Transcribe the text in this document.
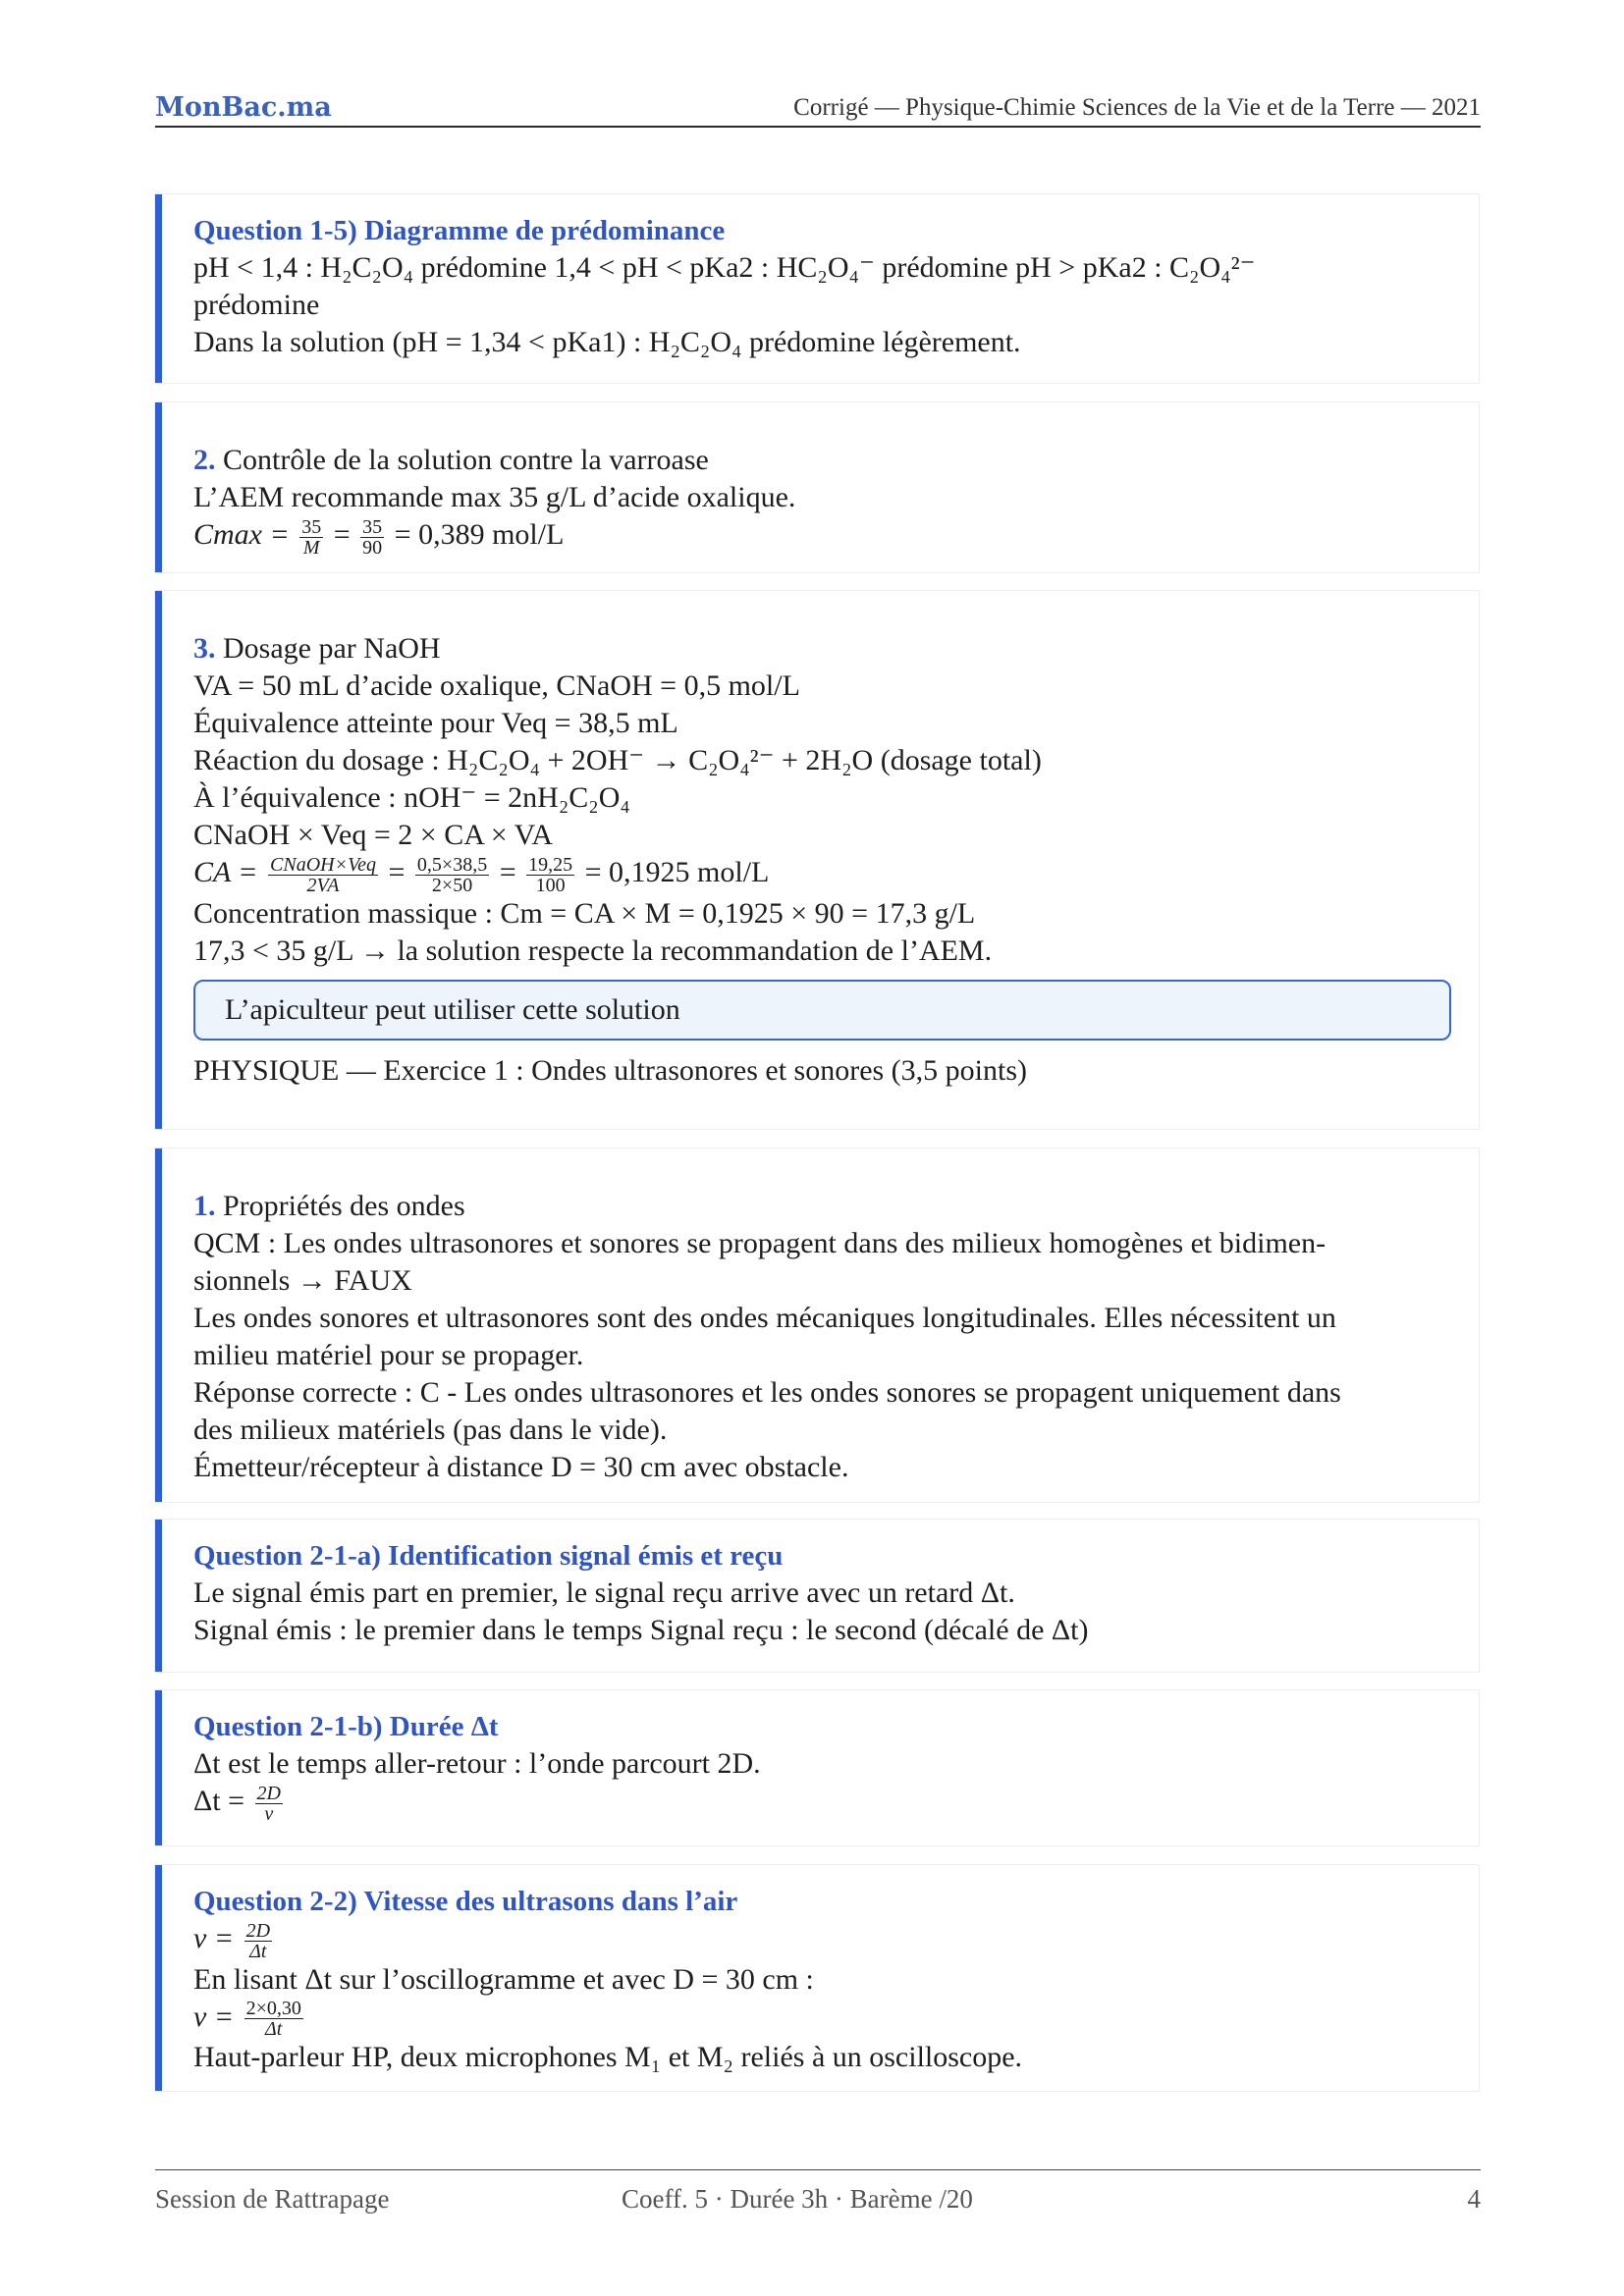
MonBac.ma	Corrigé — Physique-Chimie Sciences de la Vie et de la Terre — 2021
Question 1-5) Diagramme de prédominance
pH < 1,4 : H₂C₂O₄ prédomine 1,4 < pH < pKa2 : HC₂O₄⁻ prédomine pH > pKa2 : C₂O₄²⁻
prédomine
Dans la solution (pH = 1,34 < pKa1) : H₂C₂O₄ prédomine légèrement.
2. Contrôle de la solution contre la varroase
L’AEM recommande max 35 g/L d’acide oxalique.
$Cmax = \frac{35}{M} = \frac{35}{90} = 0,389$ mol/L
3. Dosage par NaOH
VA = 50 mL d’acide oxalique, CNaOH = 0,5 mol/L
Équivalence atteinte pour Veq = 38,5 mL
Réaction du dosage : H₂C₂O₄ + 2OH⁻ → C₂O₄²⁻ + 2H₂O (dosage total)
À l’équivalence : nOH⁻ = 2nH₂C₂O₄
CNaOH × Veq = 2 × CA × VA
CA = $\frac{\text{CNaOH×Veq}}{2VA} = \frac{0,5\times 38,5}{2\times 50} = \frac{19,25}{100} = 0,1925$ mol/L
Concentration massique : Cm = CA × M = 0,1925 × 90 = 17,3 g/L
17,3 < 35 g/L → la solution respecte la recommandation de l’AEM.
L’apiculteur peut utiliser cette solution
PHYSIQUE — Exercice 1 : Ondes ultrasonores et sonores (3,5 points)
1. Propriétés des ondes
QCM : Les ondes ultrasonores et sonores se propagent dans des milieux homogènes et bidimen-
sionnels → FAUX
Les ondes sonores et ultrasonores sont des ondes mécaniques longitudinales. Elles nécessitent un
milieu matériel pour se propager.
Réponse correcte : C - Les ondes ultrasonores et les ondes sonores se propagent uniquement dans
des milieux matériels (pas dans le vide).
Émetteur/récepteur à distance D = 30 cm avec obstacle.
Question 2-1-a) Identification signal émis et reçu
Le signal émis part en premier, le signal reçu arrive avec un retard Δt.
Signal émis : le premier dans le temps Signal reçu : le second (décalé de Δt)
Question 2-1-b) Durée Δt
Δt est le temps aller-retour : l’onde parcourt 2D.
$\Delta t = \frac{2D}{v}$
Question 2-2) Vitesse des ultrasons dans l’air
$v = \frac{2D}{\Delta t}$
En lisant Δt sur l’oscillogramme et avec D = 30 cm :
$v = \frac{2\times 0,30}{\Delta t}$
Haut-parleur HP, deux microphones M₁ et M₂ reliés à un oscilloscope.
Session de Rattrapage	Coeff. 5 · Durée 3h · Barème /20	4
